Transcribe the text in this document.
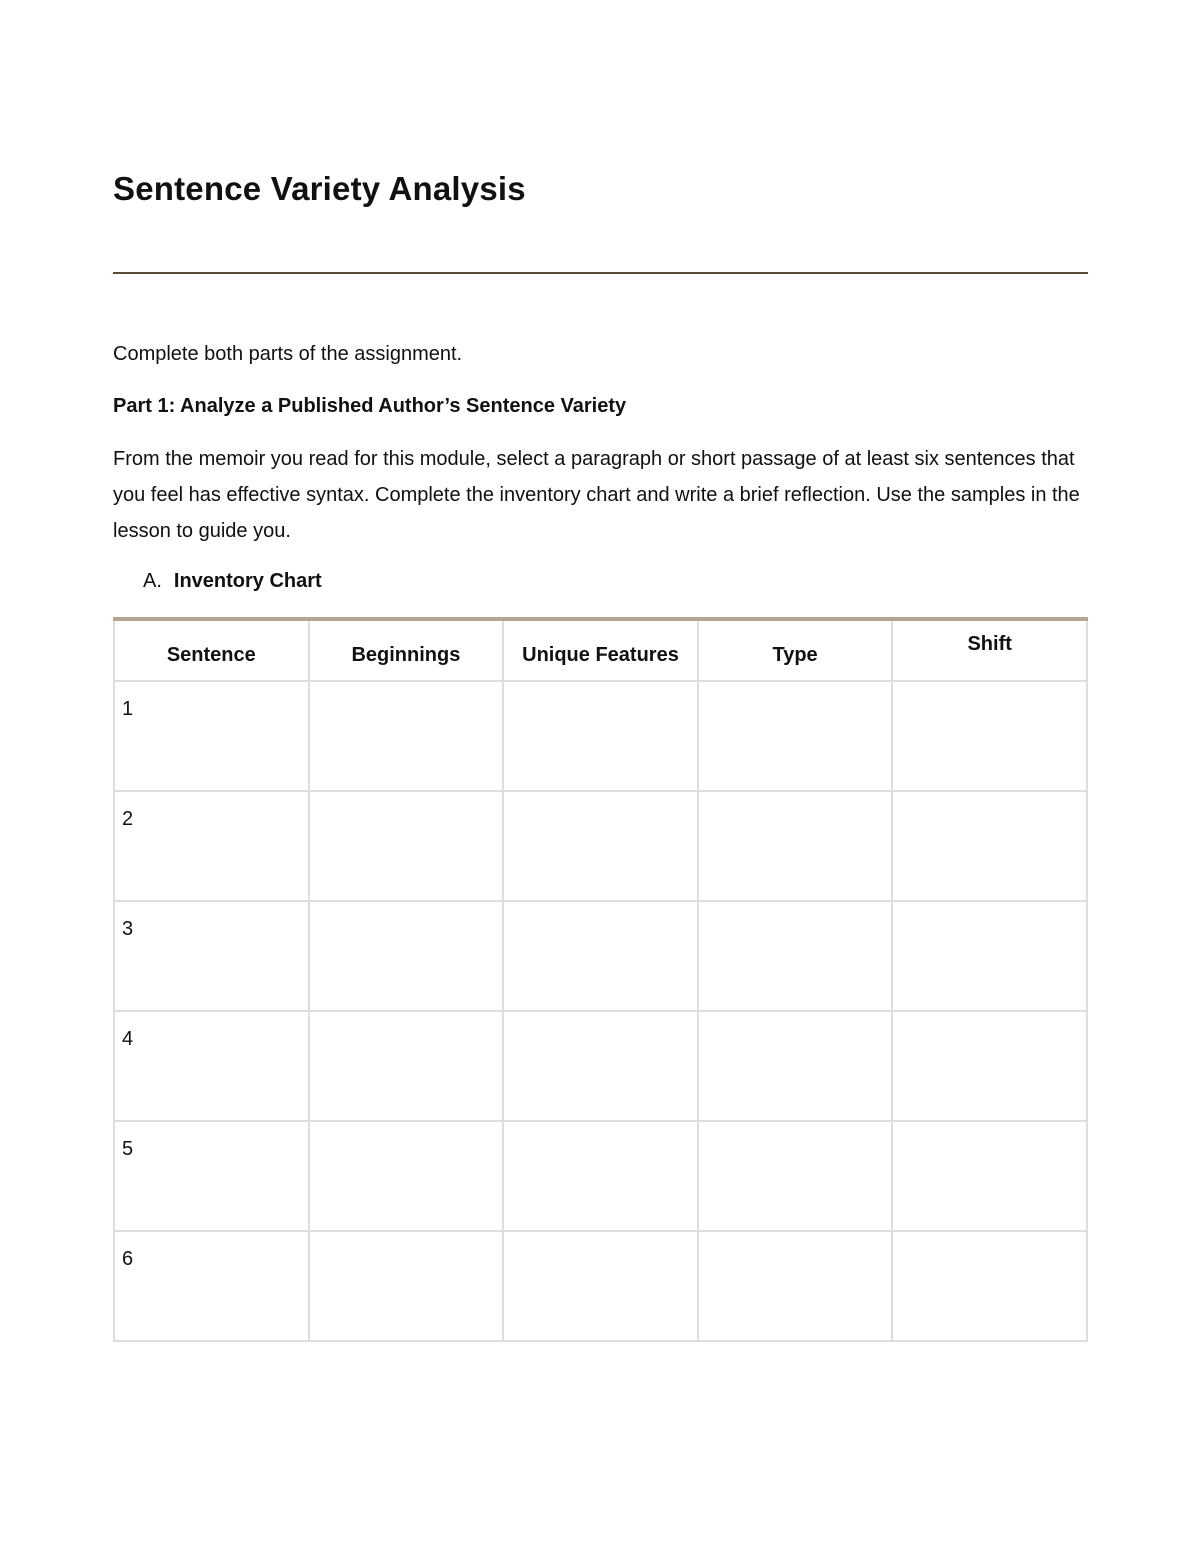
Sentence Variety Analysis

Complete both parts of the assignment.

Part 1: Analyze a Published Author’s Sentence Variety

From the memoir you read for this module, select a paragraph or short passage of at least six sentences that you feel has effective syntax. Complete the inventory chart and write a brief reflection. Use the samples in the lesson to guide you.

A. Inventory Chart

Sentence	Beginnings	Unique Features	Type	Shift
1				
2				
3				
4				
5				
6				
